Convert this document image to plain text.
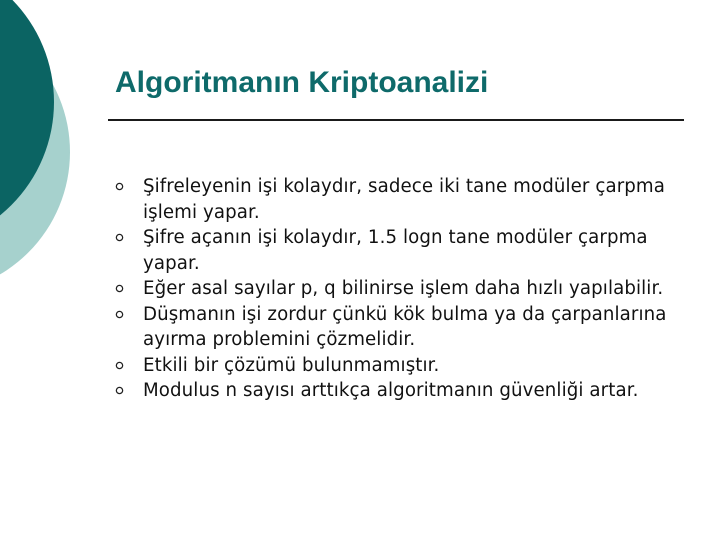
Algoritmanın Kriptoanalizi
Şifreleyenin işi kolaydır, sadece iki tane modüler çarpma işlemi yapar.
Şifre açanın işi kolaydır, 1.5 logn tane modüler çarpma yapar.
Eğer asal sayılar p, q bilinirse işlem daha hızlı yapılabilir.
Düşmanın işi zordur çünkü kök bulma ya da çarpanlarına ayırma problemini çözmelidir.
Etkili bir çözümü bulunmamıştır.
Modulus n sayısı arttıkça algoritmanın güvenliği artar.
